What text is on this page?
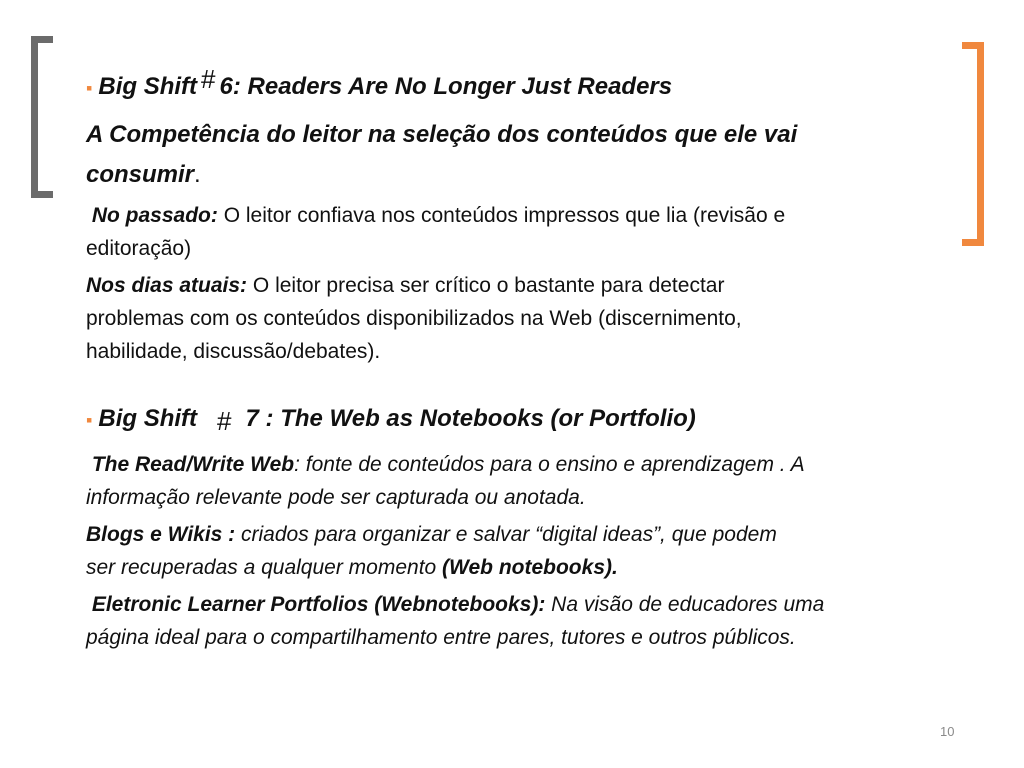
▪ Big Shift # 6: Readers Are No Longer Just Readers
A Competência do leitor na seleção dos conteúdos que ele vai
consumir.
No passado: O leitor confiava nos conteúdos impressos que lia (revisão e
editoração)
Nos dias atuais: O leitor precisa ser crítico o bastante para detectar
problemas com os conteúdos disponibilizados na Web (discernimento,
habilidade, discussão/debates).
▪ Big Shift # 7 : The Web as Notebooks (or Portfolio)
The Read/Write Web: fonte de conteúdos para o ensino e aprendizagem . A
informação relevante pode ser capturada ou anotada.
Blogs e Wikis : criados para organizar e salvar “digital ideas”, que podem
ser recuperadas a qualquer momento (Web notebooks).
Eletronic Learner Portfolios (Webnotebooks): Na visão de educadores uma
página ideal para o compartilhamento entre pares, tutores e outros públicos.
10
